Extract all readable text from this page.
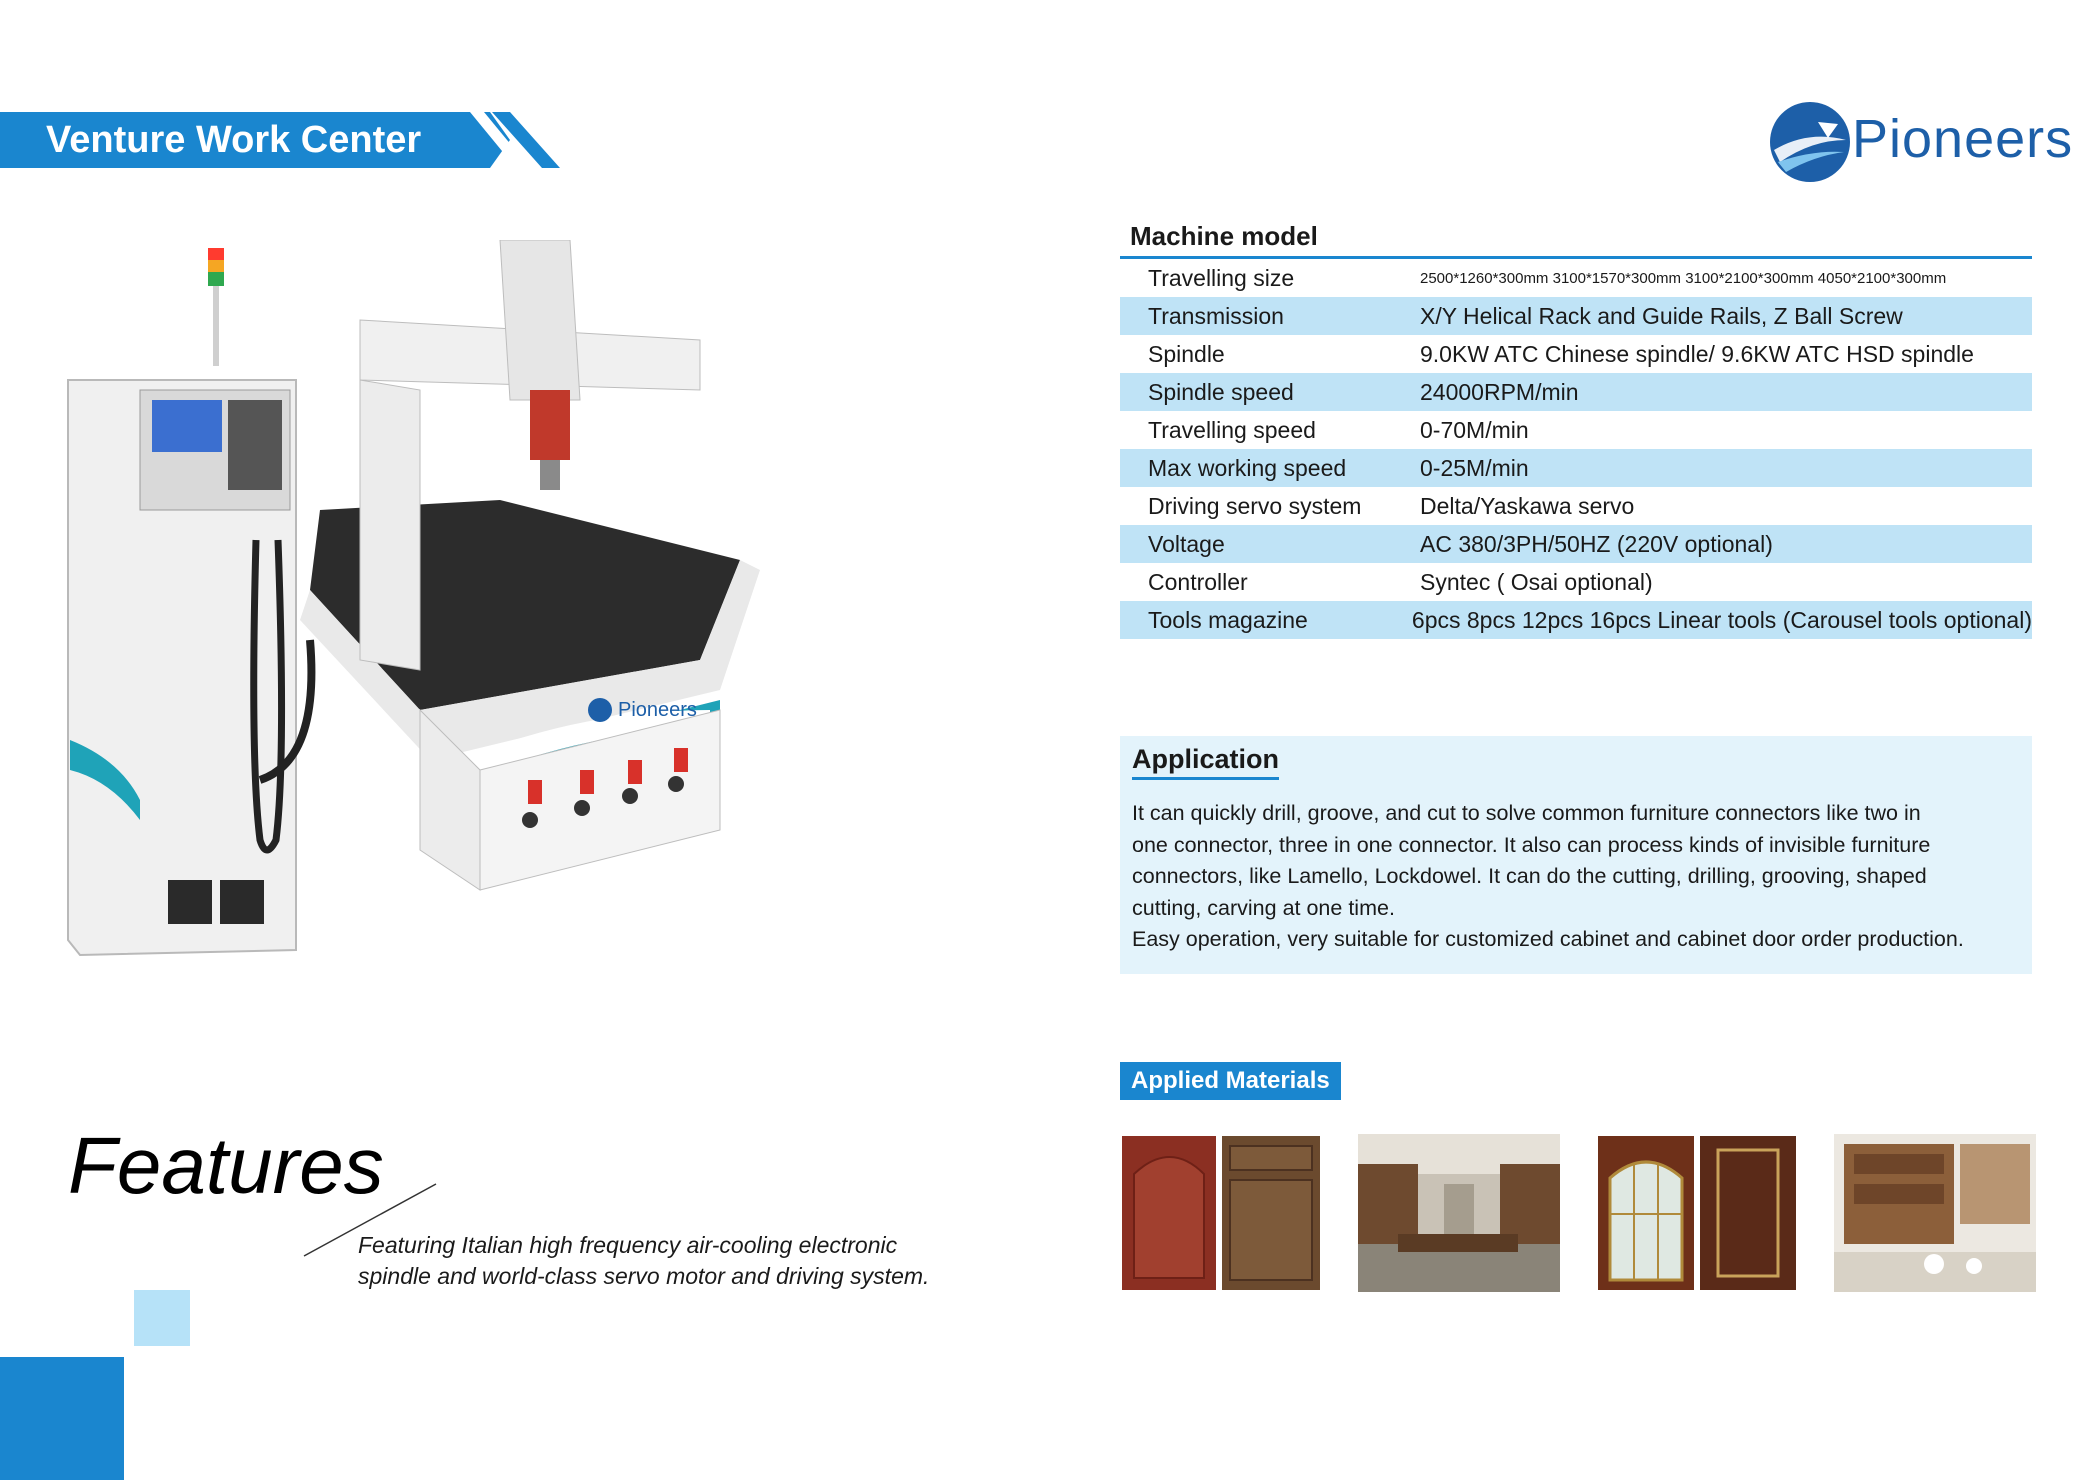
Venture Work Center	Pioneers
Pioneers
Machine model
Travelling size	2500*1260*300mm 3100*1570*300mm 3100*2100*300mm 4050*2100*300mm
Transmission	X/Y Helical Rack and Guide Rails, Z Ball Screw
Spindle	9.0KW ATC Chinese spindle/ 9.6KW ATC HSD spindle
Spindle speed	24000RPM/min
Travelling speed	0-70M/min
Max working speed	0-25M/min
Driving servo system	Delta/Yaskawa servo
Voltage	AC 380/3PH/50HZ (220V optional)
Controller	Syntec ( Osai optional)
Tools magazine	6pcs 8pcs 12pcs 16pcs Linear tools (Carousel tools optional)
Application
It can quickly drill, groove, and cut to solve common furniture connectors like two in
one connector, three in one connector. It also can process kinds of invisible furniture
connectors, like Lamello, Lockdowel. It can do the cutting, drilling, grooving, shaped
cutting, carving at one time.
Easy operation, very suitable for customized cabinet and cabinet door order production.
Applied Materials
Features
Featuring Italian high frequency air-cooling electronic
spindle and world-class servo motor and driving system.
